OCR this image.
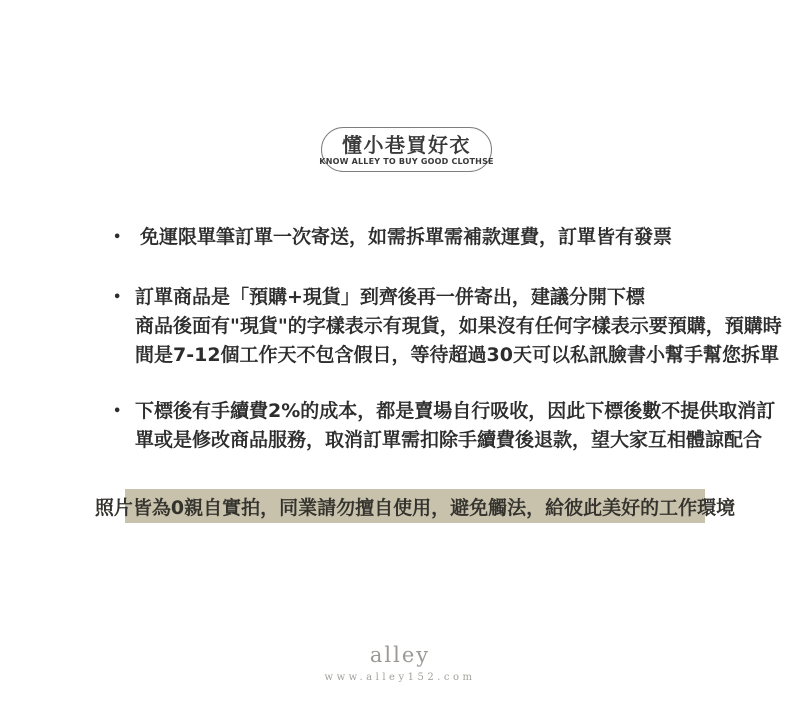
懂小巷買好衣
KNOW ALLEY TO BUY GOOD CLOTHSE
• 免運限單筆訂單一次寄送，如需拆單需補款運費，訂單皆有發票
• 訂單商品是「預購+現貨」到齊後再一併寄出，建議分開下標
商品後面有"現貨"的字樣表示有現貨，如果沒有任何字樣表示要預購，預購時
間是7-12個工作天不包含假日，等待超過30天可以私訊臉書小幫手幫您拆單
• 下標後有手續費2%的成本，都是賣場自行吸收，因此下標後數不提供取消訂
單或是修改商品服務，取消訂單需扣除手續費後退款，望大家互相體諒配合
照片皆為0親自實拍，同業請勿擅自使用，避免觸法，給彼此美好的工作環境
alley
www.alley152.com
